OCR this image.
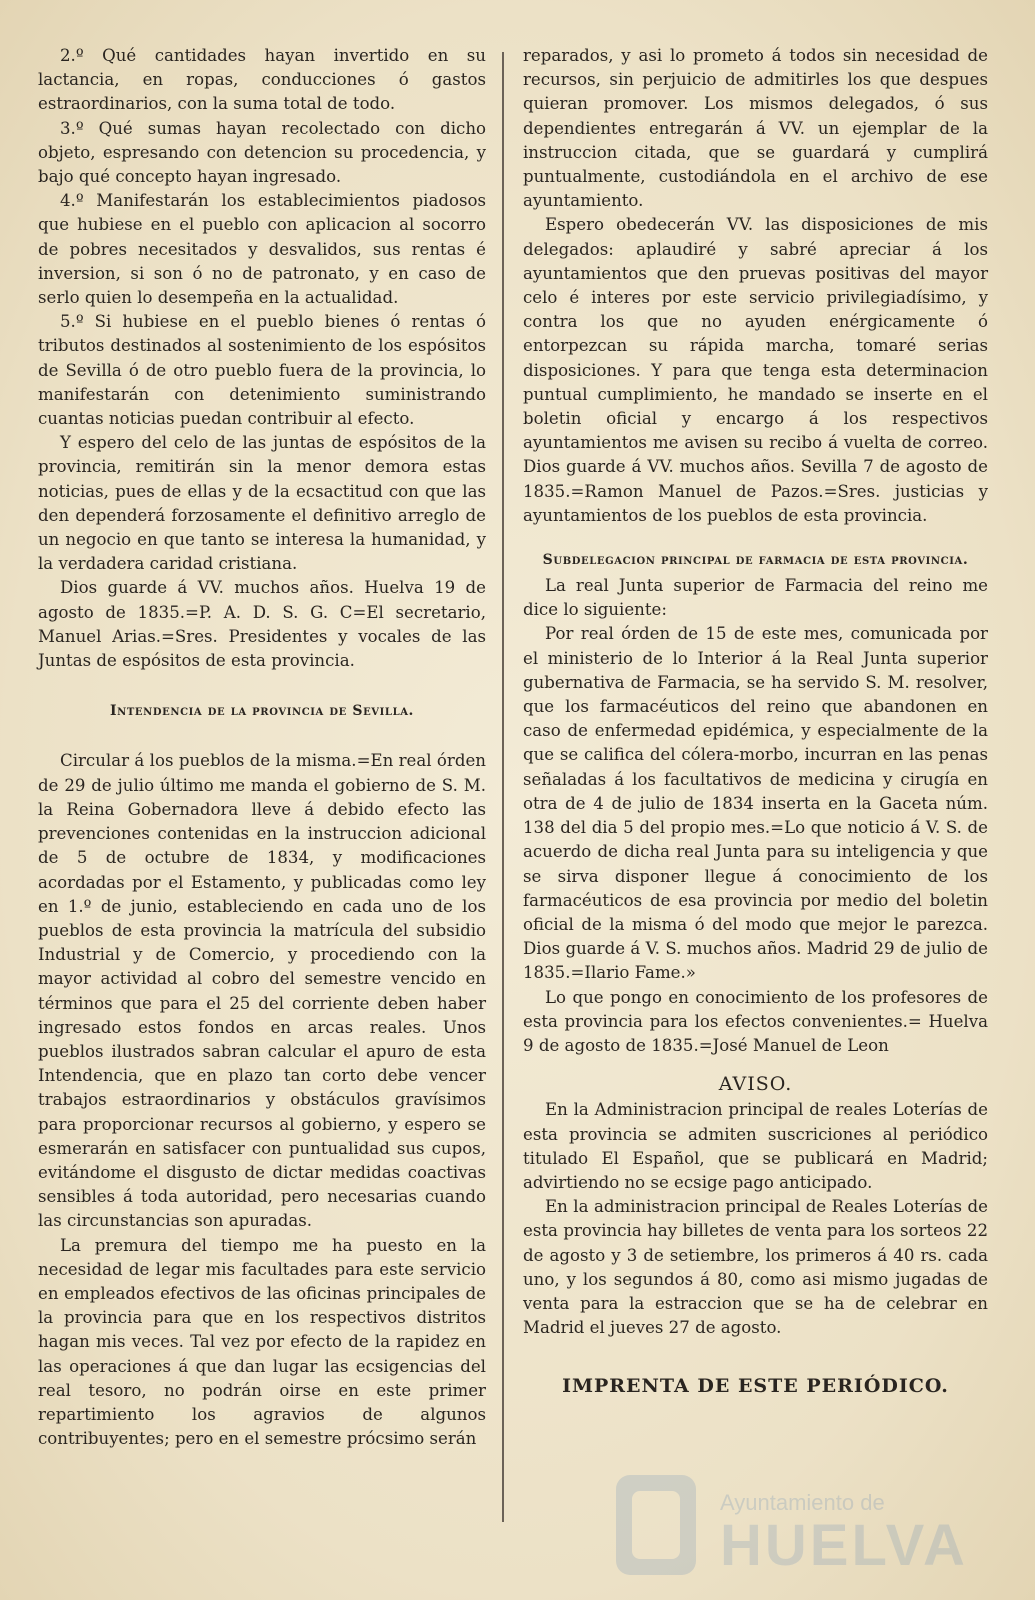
2.º Qué cantidades hayan invertido en su lactancia, en ropas, conducciones ó gastos estraordinarios, con la suma total de todo.

3.º Qué sumas hayan recolectado con dicho objeto, espresando con detencion su procedencia, y bajo qué concepto hayan ingresado.

4.º Manifestarán los establecimientos piadosos que hubiese en el pueblo con aplicacion al socorro de pobres necesitados y desvalidos, sus rentas é inversion, si son ó no de patronato, y en caso de serlo quien lo desempeña en la actualidad.

5.º Si hubiese en el pueblo bienes ó rentas ó tributos destinados al sostenimiento de los espósitos de Sevilla ó de otro pueblo fuera de la provincia, lo manifestarán con detenimiento suministrando cuantas noticias puedan contribuir al efecto.

Y espero del celo de las juntas de espósitos de la provincia, remitirán sin la menor demora estas noticias, pues de ellas y de la ecsactitud con que las den dependerá forzosamente el definitivo arreglo de un negocio en que tanto se interesa la humanidad, y la verdadera caridad cristiana.

Dios guarde á VV. muchos años. Huelva 19 de agosto de 1835.=P. A. D. S. G. C=El secretario, Manuel Arias.=Sres. Presidentes y vocales de las Juntas de espósitos de esta provincia.

Intendencia de la provincia de Sevilla.

Circular á los pueblos de la misma.=En real órden de 29 de julio último me manda el gobierno de S. M. la Reina Gobernadora lleve á debido efecto las prevenciones contenidas en la instruccion adicional de 5 de octubre de 1834, y modificaciones acordadas por el Estamento, y publicadas como ley en 1.º de junio, estableciendo en cada uno de los pueblos de esta provincia la matrícula del subsidio Industrial y de Comercio, y procediendo con la mayor actividad al cobro del semestre vencido en términos que para el 25 del corriente deben haber ingresado estos fondos en arcas reales. Unos pueblos ilustrados sabran calcular el apuro de esta Intendencia, que en plazo tan corto debe vencer trabajos estraordinarios y obstáculos gravísimos para proporcionar recursos al gobierno, y espero se esmerarán en satisfacer con puntualidad sus cupos, evitándome el disgusto de dictar medidas coactivas sensibles á toda autoridad, pero necesarias cuando las circunstancias son apuradas.

La premura del tiempo me ha puesto en la necesidad de legar mis facultades para este servicio en empleados efectivos de las oficinas principales de la provincia para que en los respectivos distritos hagan mis veces. Tal vez por efecto de la rapidez en las operaciones á que dan lugar las ecsigencias del real tesoro, no podrán oirse en este primer repartimiento los agravios de algunos contribuyentes; pero en el semestre prócsimo serán

reparados, y asi lo prometo á todos sin necesidad de recursos, sin perjuicio de admitirles los que despues quieran promover. Los mismos delegados, ó sus dependientes entregarán á VV. un ejemplar de la instruccion citada, que se guardará y cumplirá puntualmente, custodiándola en el archivo de ese ayuntamiento.

Espero obedecerán VV. las disposiciones de mis delegados: aplaudiré y sabré apreciar á los ayuntamientos que den pruevas positivas del mayor celo é interes por este servicio privilegiadísimo, y contra los que no ayuden enérgicamente ó entorpezcan su rápida marcha, tomaré serias disposiciones. Y para que tenga esta determinacion puntual cumplimiento, he mandado se inserte en el boletin oficial y encargo á los respectivos ayuntamientos me avisen su recibo á vuelta de correo. Dios guarde á VV. muchos años. Sevilla 7 de agosto de 1835.=Ramon Manuel de Pazos.=Sres. justicias y ayuntamientos de los pueblos de esta provincia.

Subdelegacion principal de farmacia de esta provincia.

La real Junta superior de Farmacia del reino me dice lo siguiente:

Por real órden de 15 de este mes, comunicada por el ministerio de lo Interior á la Real Junta superior gubernativa de Farmacia, se ha servido S. M. resolver, que los farmacéuticos del reino que abandonen en caso de enfermedad epidémica, y especialmente de la que se califica del cólera-morbo, incurran en las penas señaladas á los facultativos de medicina y cirugía en otra de 4 de julio de 1834 inserta en la Gaceta núm. 138 del dia 5 del propio mes.=Lo que noticio á V. S. de acuerdo de dicha real Junta para su inteligencia y que se sirva disponer llegue á conocimiento de los farmacéuticos de esa provincia por medio del boletin oficial de la misma ó del modo que mejor le parezca. Dios guarde á V. S. muchos años. Madrid 29 de julio de 1835.=Ilario Fame.»

Lo que pongo en conocimiento de los profesores de esta provincia para los efectos convenientes.= Huelva 9 de agosto de 1835.=José Manuel de Leon

AVISO.

En la Administracion principal de reales Loterías de esta provincia se admiten suscriciones al periódico titulado El Español, que se publicará en Madrid; advirtiendo no se ecsige pago anticipado.

En la administracion principal de Reales Loterías de esta provincia hay billetes de venta para los sorteos 22 de agosto y 3 de setiembre, los primeros á 40 rs. cada uno, y los segundos á 80, como asi mismo jugadas de venta para la estraccion que se ha de celebrar en Madrid el jueves 27 de agosto.

IMPRENTA DE ESTE PERIÓDICO.
Ayuntamiento de
HUELVA
